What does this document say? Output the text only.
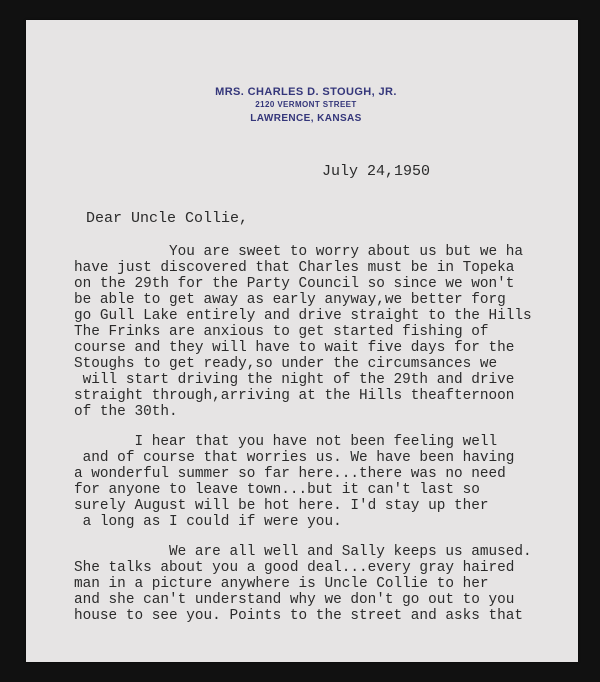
MRS. CHARLES D. STOUGH, JR.
2120 VERMONT STREET
LAWRENCE, KANSAS
July 24,1950
Dear Uncle Collie,
You are sweet to worry about us but we ha
have just discovered that Charles must be in Topeka
on the 29th for the Party Council so since we won't
be able to get away as early anyway,we better forg
go Gull Lake entirely and drive straight to the Hills
The Frinks are anxious to get started fishing of
course and they will have to wait five days for the
Stoughs to get ready,so under the circumsances we
will start driving the night of the 29th and drive
straight through,arriving at the Hills theafternoon
of the 30th.
I hear that you have not been feeling well
and of course that worries us. We have been having
a wonderful summer so far here...there was no need
for anyone to leave town...but it can't last so
surely August will be hot here. I'd stay up ther
a long as I could if were you.
We are all well and Sally keeps us amused.
She talks about you a good deal...every gray haired
man in a picture anywhere is Uncle Collie to her
and she can't understand why we don't go out to you
house to see you. Points to the street and asks that
